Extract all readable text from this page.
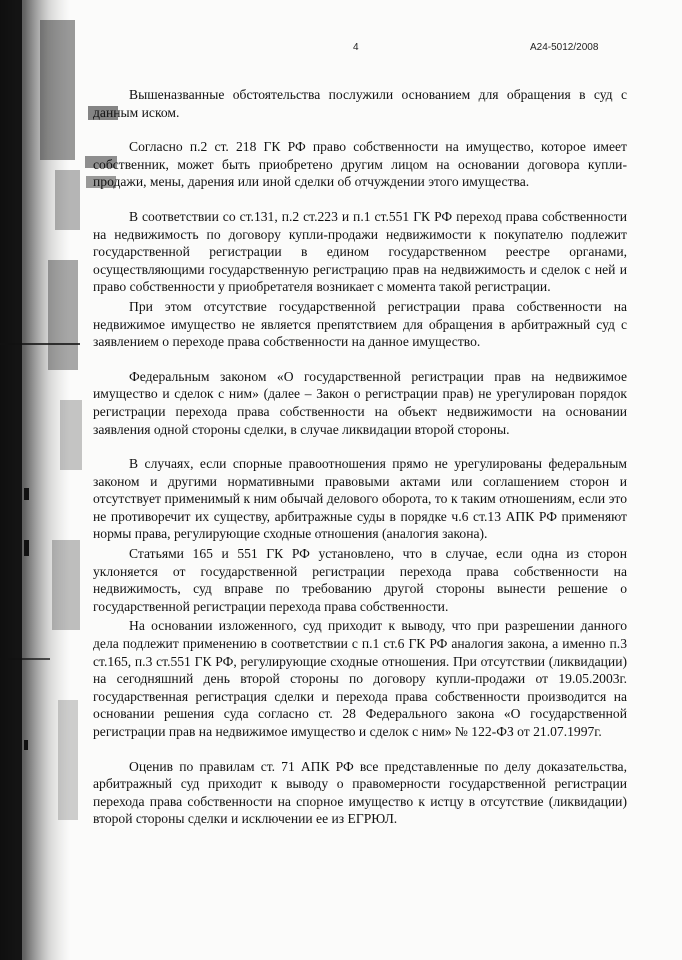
4	А24-5012/2008

Вышеназванные обстоятельства послужили основанием для обращения в суд с данным иском.

Согласно п.2 ст. 218 ГК РФ право собственности на имущество, которое имеет собственник, может быть приобретено другим лицом на основании договора купли-продажи, мены, дарения или иной сделки об отчуждении этого имущества.

В соответствии со ст.131, п.2 ст.223 и п.1 ст.551 ГК РФ переход права собственности на недвижимость по договору купли-продажи недвижимости к покупателю подлежит государственной регистрации в едином государственном реестре органами, осуществляющими государственную регистрацию прав на недвижимость и сделок с ней и право собственности у приобретателя возникает с момента такой регистрации.

При этом отсутствие государственной регистрации права собственности на недвижимое имущество не является препятствием для обращения в арбитражный суд с заявлением о переходе права собственности на данное имущество.

Федеральным законом «О государственной регистрации прав на недвижимое имущество и сделок с ним» (далее – Закон о регистрации прав) не урегулирован порядок регистрации перехода права собственности на объект недвижимости на основании заявления одной стороны сделки, в случае ликвидации второй стороны.

В случаях, если спорные правоотношения прямо не урегулированы федеральным законом и другими нормативными правовыми актами или соглашением сторон и отсутствует применимый к ним обычай делового оборота, то к таким отношениям, если это не противоречит их существу, арбитражные суды в порядке ч.6 ст.13 АПК РФ применяют нормы права, регулирующие сходные отношения (аналогия закона).

Статьями 165 и 551 ГК РФ установлено, что в случае, если одна из сторон уклоняется от государственной регистрации перехода права собственности на недвижимость, суд вправе по требованию другой стороны вынести решение о государственной регистрации перехода права собственности.

На основании изложенного, суд приходит к выводу, что при разрешении данного дела подлежит применению в соответствии с п.1 ст.6 ГК РФ аналогия закона, а именно п.3 ст.165, п.3 ст.551 ГК РФ, регулирующие сходные отношения. При отсутствии (ликвидации) на сегодняшний день второй стороны по договору купли-продажи от 19.05.2003г. государственная регистрация сделки и перехода права собственности производится на основании решения суда согласно ст. 28 Федерального закона «О государственной регистрации прав на недвижимое имущество и сделок с ним» № 122-ФЗ от 21.07.1997г.

Оценив по правилам ст. 71 АПК РФ все представленные по делу доказательства, арбитражный суд приходит к выводу о правомерности государственной регистрации перехода права собственности на спорное имущество к истцу в отсутствие (ликвидации) второй стороны сделки и исключении ее из ЕГРЮЛ.
